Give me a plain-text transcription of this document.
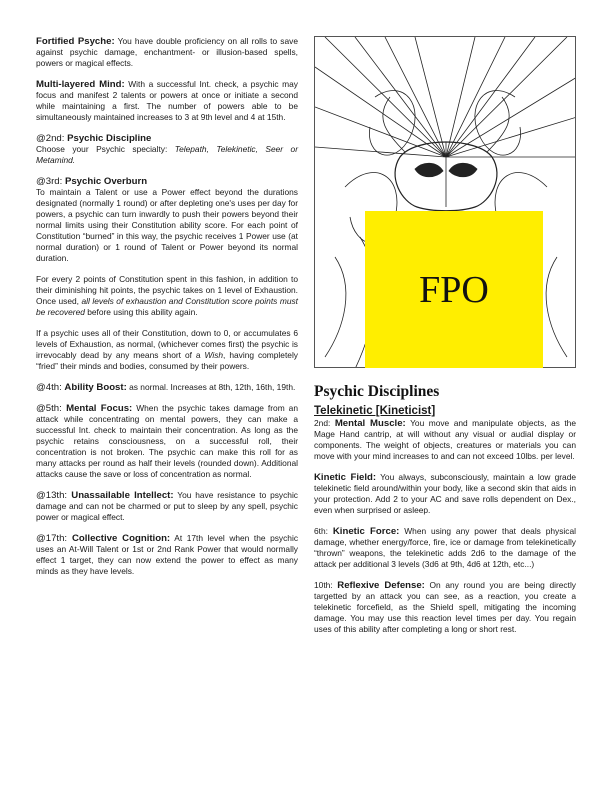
Fortified Psyche: You have double proficiency on all rolls to save against psychic damage, enchantment- or illusion-based spells, powers or magical effects.

Multi-layered Mind: With a successful Int. check, a psychic may focus and manifest 2 talents or powers at once or initiate a second while maintaining a first. The number of powers able to be simultaneously maintained increases to 3 at 9th level and 4 at 15th.

@2nd: Psychic Discipline
Choose your Psychic specialty: Telepath, Telekinetic, Seer or Metamind.

@3rd: Psychic Overburn
To maintain a Talent or use a Power effect beyond the durations designated (normally 1 round) or after depleting one's uses per day for powers, a psychic can turn inwardly to push their powers beyond their normal limits using their Constitution ability score. For each point of Constitution “burned” in this way, the psychic receives 1 Power use (at normal duration) or 1 round of Talent or Power beyond its normal duration.

For every 2 points of Constitution spent in this fashion, in addition to their diminishing hit points, the psychic takes on 1 level of Exhaustion. Once used, all levels of exhaustion and Constitution score points must be recovered before using this ability again.

If a psychic uses all of their Constitution, down to 0, or accumulates 6 levels of Exhaustion, as normal, (whichever comes first) the psychic is irrevocably dead by any means short of a Wish, having completely “fried” their minds and bodies, consumed by their powers.

@4th: Ability Boost: as normal. Increases at 8th, 12th, 16th, 19th.

@5th: Mental Focus: When the psychic takes damage from an attack while concentrating on mental powers, they can make a successful Int. check to maintain their concentration. As long as the psychic retains consciousness, on a successful roll, their concentration is not broken. The psychic can make this roll for as many attacks per round as half their levels (rounded down). Additional attacks cause the save or loss of concentration as normal.

@13th: Unassailable Intellect: You have resistance to psychic damage and can not be charmed or put to sleep by any spell, psychic power or magical effect.

@17th: Collective Cognition: At 17th level when the psychic uses an At-Will Talent or 1st or 2nd Rank Power that would normally effect 1 target, they can now extend the power to effect as many minds as they have levels.

FPO
Psychic Disciplines
Telekinetic [Kineticist]

2nd: Mental Muscle: You move and manipulate objects, as the Mage Hand cantrip, at will without any visual or audial display or components. The weight of objects, creatures or materials you can move with your mind increases to and can not exceed 10lbs. per level.

Kinetic Field: You always, subconsciously, maintain a low grade telekinetic field around/within your body, like a second skin that aids in your protection. Add 2 to your AC and save rolls dependent on Dex., even when surprised or asleep.

6th: Kinetic Force: When using any power that deals physical damage, whether energy/force, fire, ice or damage from telekinetically “thrown” weapons, the telekinetic adds 2d6 to the damage of the attack per additional 3 levels (3d6 at 9th, 4d6 at 12th, etc...)

10th: Reflexive Defense: On any round you are being directly targetted by an attack you can see, as a reaction, you create a telekinetic forcefield, as the Shield spell, mitigating the incoming damage. You may use this reaction level times per day. You regain uses of this ability after completing a long or short rest.
